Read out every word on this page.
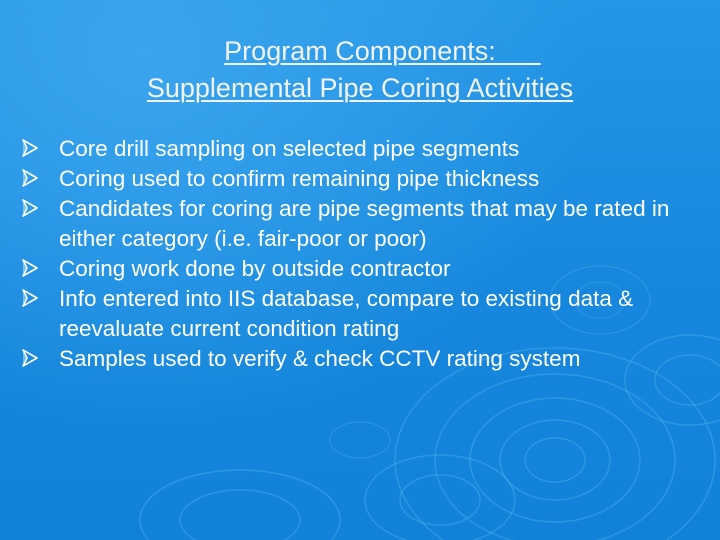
Program Components:
Supplemental Pipe Coring Activities
Core drill sampling on selected pipe segments
Coring used to confirm remaining pipe thickness
Candidates for coring are pipe segments that may be rated in either category (i.e. fair-poor or poor)
Coring work done by outside contractor
Info entered into IIS database, compare to existing data & reevaluate current condition rating
Samples used to verify & check CCTV rating system
